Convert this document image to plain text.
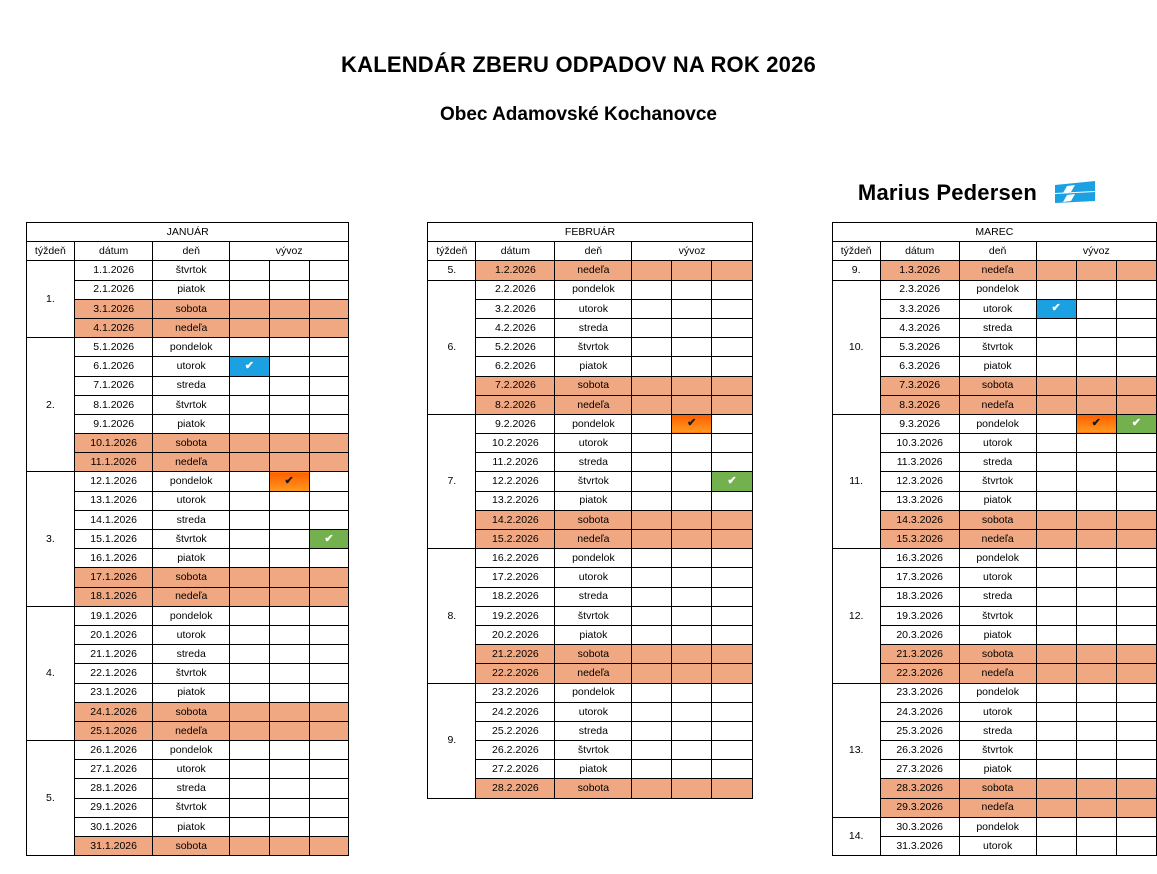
KALENDÁR ZBERU ODPADOV NA ROK 2026
Obec Adamovské Kochanovce
Marius Pedersen
JANUÁR					
týždeň	dátum	deň	vývoz		
1.	1.1.2026	štvrtok			
	2.1.2026	piatok			
	3.1.2026	sobota			
	4.1.2026	nedeľa			
2.	5.1.2026	pondelok			
	6.1.2026	utorok	✔		

	7.1.2026	streda			
	8.1.2026	štvrtok			
	9.1.2026	piatok			
	10.1.2026	sobota			
	11.1.2026	nedeľa			
3.	12.1.2026	pondelok		✔	

	13.1.2026	utorok			
	14.1.2026	streda			
	15.1.2026	štvrtok			✔

	16.1.2026	piatok			
	17.1.2026	sobota			
	18.1.2026	nedeľa			
4.	19.1.2026	pondelok			
	20.1.2026	utorok			
	21.1.2026	streda			
	22.1.2026	štvrtok			
	23.1.2026	piatok			
	24.1.2026	sobota			
	25.1.2026	nedeľa			
5.	26.1.2026	pondelok			
	27.1.2026	utorok			
	28.1.2026	streda			
	29.1.2026	štvrtok			
	30.1.2026	piatok			
	31.1.2026	sobota			
FEBRUÁR					
týždeň	dátum	deň	vývoz		
5.	1.2.2026	nedeľa			
6.	2.2.2026	pondelok			
	3.2.2026	utorok			
	4.2.2026	streda			
	5.2.2026	štvrtok			
	6.2.2026	piatok			
	7.2.2026	sobota			
	8.2.2026	nedeľa			
7.	9.2.2026	pondelok		✔	

	10.2.2026	utorok			
	11.2.2026	streda			
	12.2.2026	štvrtok			✔

	13.2.2026	piatok			
	14.2.2026	sobota			
	15.2.2026	nedeľa			
8.	16.2.2026	pondelok			
	17.2.2026	utorok			
	18.2.2026	streda			
	19.2.2026	štvrtok			
	20.2.2026	piatok			
	21.2.2026	sobota			
	22.2.2026	nedeľa			
9.	23.2.2026	pondelok			
	24.2.2026	utorok			
	25.2.2026	streda			
	26.2.2026	štvrtok			
	27.2.2026	piatok			
	28.2.2026	sobota			
MAREC					
týždeň	dátum	deň	vývoz		
9.	1.3.2026	nedeľa			
10.	2.3.2026	pondelok			
	3.3.2026	utorok	✔		

	4.3.2026	streda			
	5.3.2026	štvrtok			
	6.3.2026	piatok			
	7.3.2026	sobota			
	8.3.2026	nedeľa			
11.	9.3.2026	pondelok		✔	✔

	10.3.2026	utorok			
	11.3.2026	streda			
	12.3.2026	štvrtok			
	13.3.2026	piatok			
	14.3.2026	sobota			
	15.3.2026	nedeľa			
12.	16.3.2026	pondelok			
	17.3.2026	utorok			
	18.3.2026	streda			
	19.3.2026	štvrtok			
	20.3.2026	piatok			
	21.3.2026	sobota			
	22.3.2026	nedeľa			
13.	23.3.2026	pondelok			
	24.3.2026	utorok			
	25.3.2026	streda			
	26.3.2026	štvrtok			
	27.3.2026	piatok			
	28.3.2026	sobota			
	29.3.2026	nedeľa			
14.	30.3.2026	pondelok			
	31.3.2026	utorok			
